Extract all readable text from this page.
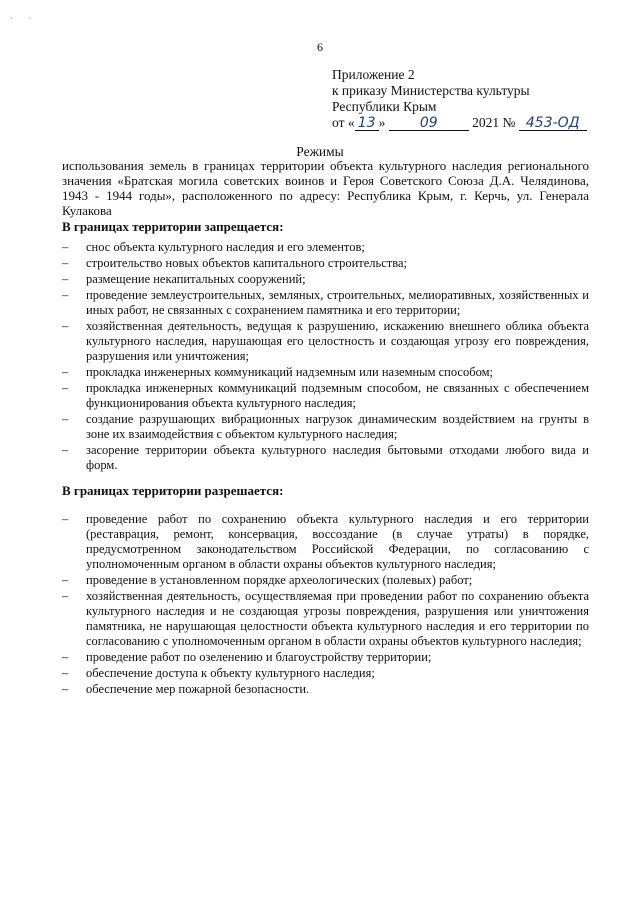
·        ·
6
Приложение 2
к приказу Министерства культуры
Республики Крым
от « 13 » 09	2021 № 453-ОД
Режимы
использования земель в границах территории объекта культурного наследия регионального значения «Братская могила советских воинов и Героя Советского Союза Д.А. Челядинова, 1943 - 1944 годы», расположенного по адресу: Республика Крым, г. Керчь, ул. Генерала Кулакова
В границах территории запрещается:
– снос объекта культурного наследия и его элементов;
– строительство новых объектов капитального строительства;
– размещение некапитальных сооружений;
– проведение землеустроительных, земляных, строительных, мелиоративных, хозяйственных и иных работ, не связанных с сохранением памятника и его территории;
– хозяйственная деятельность, ведущая к разрушению, искажению внешнего облика объекта культурного наследия, нарушающая его целостность и создающая угрозу его повреждения, разрушения или уничтожения;
– прокладка инженерных коммуникаций надземным или наземным способом;
– прокладка инженерных коммуникаций подземным способом, не связанных с обеспечением функционирования объекта культурного наследия;
– создание разрушающих вибрационных нагрузок динамическим воздействием на грунты в зоне их взаимодействия с объектом культурного наследия;
– засорение территории объекта культурного наследия бытовыми отходами любого вида и форм.
В границах территории разрешается:
– проведение работ по сохранению объекта культурного наследия и его территории (реставрация, ремонт, консервация, воссоздание (в случае утраты) в порядке, предусмотренном законодательством Российской Федерации, по согласованию с уполномоченным органом в области охраны объектов культурного наследия;
– проведение в установленном порядке археологических (полевых) работ;
– хозяйственная деятельность, осуществляемая при проведении работ по сохранению объекта культурного наследия и не создающая угрозы повреждения, разрушения или уничтожения памятника, не нарушающая целостности объекта культурного наследия и его территории по согласованию с уполномоченным органом в области охраны объектов культурного наследия;
– проведение работ по озеленению и благоустройству территории;
– обеспечение доступа к объекту культурного наследия;
– обеспечение мер пожарной безопасности.
